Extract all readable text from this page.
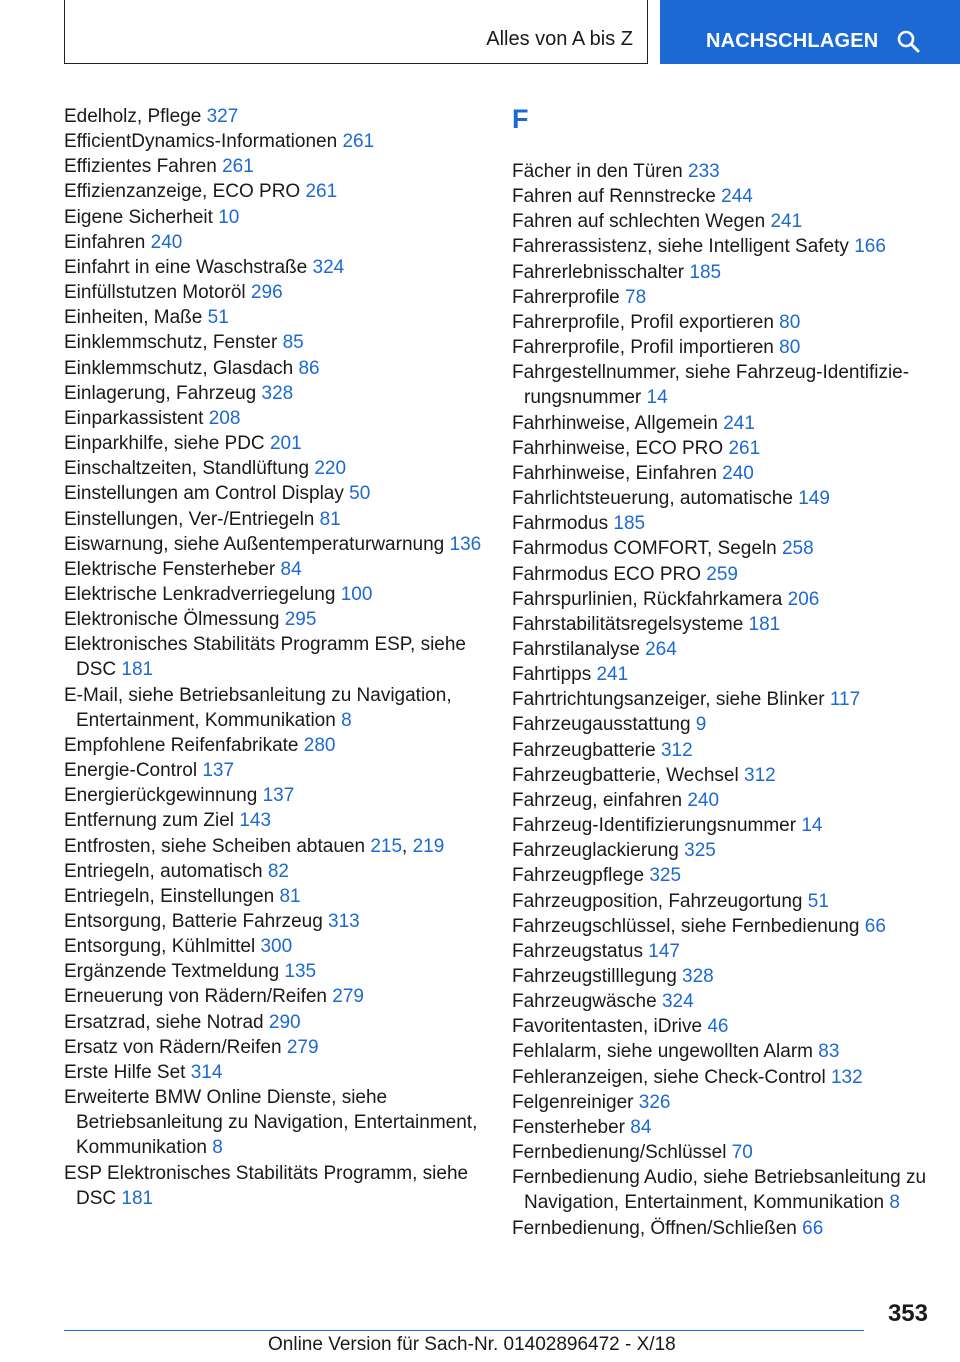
Alles von A bis Z	NACHSCHLAGEN

Edelholz, Pflege 327

EfficientDynamics-Informationen 261

Effizientes Fahren 261

Effizienzanzeige, ECO PRO 261

Eigene Sicherheit 10

Einfahren 240

Einfahrt in eine Waschstraße 324

Einfüllstutzen Motoröl 296

Einheiten, Maße 51

Einklemmschutz, Fenster 85

Einklemmschutz, Glasdach 86

Einlagerung, Fahrzeug 328

Einparkassistent 208

Einparkhilfe, siehe PDC 201

Einschaltzeiten, Standlüftung 220

Einstellungen am Control Display 50

Einstellungen, Ver-/Entriegeln 81

Eiswarnung, siehe Außentemperaturwarnung 136

Elektrische Fensterheber 84

Elektrische Lenkradverriegelung 100

Elektronische Ölmessung 295

Elektronisches Stabilitäts Programm ESP, siehe DSC 181

E-Mail, siehe Betriebsanleitung zu Navigation, Entertainment, Kommunikation 8

Empfohlene Reifenfabrikate 280

Energie-Control 137

Energierückgewinnung 137

Entfernung zum Ziel 143

Entfrosten, siehe Scheiben abtauen 215, 219

Entriegeln, automatisch 82

Entriegeln, Einstellungen 81

Entsorgung, Batterie Fahrzeug 313

Entsorgung, Kühlmittel 300

Ergänzende Textmeldung 135

Erneuerung von Rädern/Reifen 279

Ersatzrad, siehe Notrad 290

Ersatz von Rädern/Reifen 279

Erste Hilfe Set 314

Erweiterte BMW Online Dienste, siehe Betriebsanleitung zu Navigation, Entertainment, Kommunikation 8

ESP Elektronisches Stabilitäts Programm, siehe DSC 181

F

Fächer in den Türen 233

Fahren auf Rennstrecke 244

Fahren auf schlechten Wegen 241

Fahrerassistenz, siehe Intelligent Safety 166

Fahrerlebnisschalter 185

Fahrerprofile 78

Fahrerprofile, Profil exportieren 80

Fahrerprofile, Profil importieren 80

Fahrgestellnummer, siehe Fahrzeug-Identifizierungsnummer 14

Fahrhinweise, Allgemein 241

Fahrhinweise, ECO PRO 261

Fahrhinweise, Einfahren 240

Fahrlichtsteuerung, automatische 149

Fahrmodus 185

Fahrmodus COMFORT, Segeln 258

Fahrmodus ECO PRO 259

Fahrspurlinien, Rückfahrkamera 206

Fahrstabilitätsregelsysteme 181

Fahrstilanalyse 264

Fahrtipps 241

Fahrtrichtungsanzeiger, siehe Blinker 117

Fahrzeugausstattung 9

Fahrzeugbatterie 312

Fahrzeugbatterie, Wechsel 312

Fahrzeug, einfahren 240

Fahrzeug-Identifizierungsnummer 14

Fahrzeuglackierung 325

Fahrzeugpflege 325

Fahrzeugposition, Fahrzeugortung 51

Fahrzeugschlüssel, siehe Fernbedienung 66

Fahrzeugstatus 147

Fahrzeugstilllegung 328

Fahrzeugwäsche 324

Favoritentasten, iDrive 46

Fehlalarm, siehe ungewollten Alarm 83

Fehleranzeigen, siehe Check-Control 132

Felgenreiniger 326

Fensterheber 84

Fernbedienung/Schlüssel 70

Fernbedienung Audio, siehe Betriebsanleitung zu Navigation, Entertainment, Kommunikation 8

Fernbedienung, Öffnen/Schließen 66

353
Online Version für Sach-Nr. 01402896472 - X/18
